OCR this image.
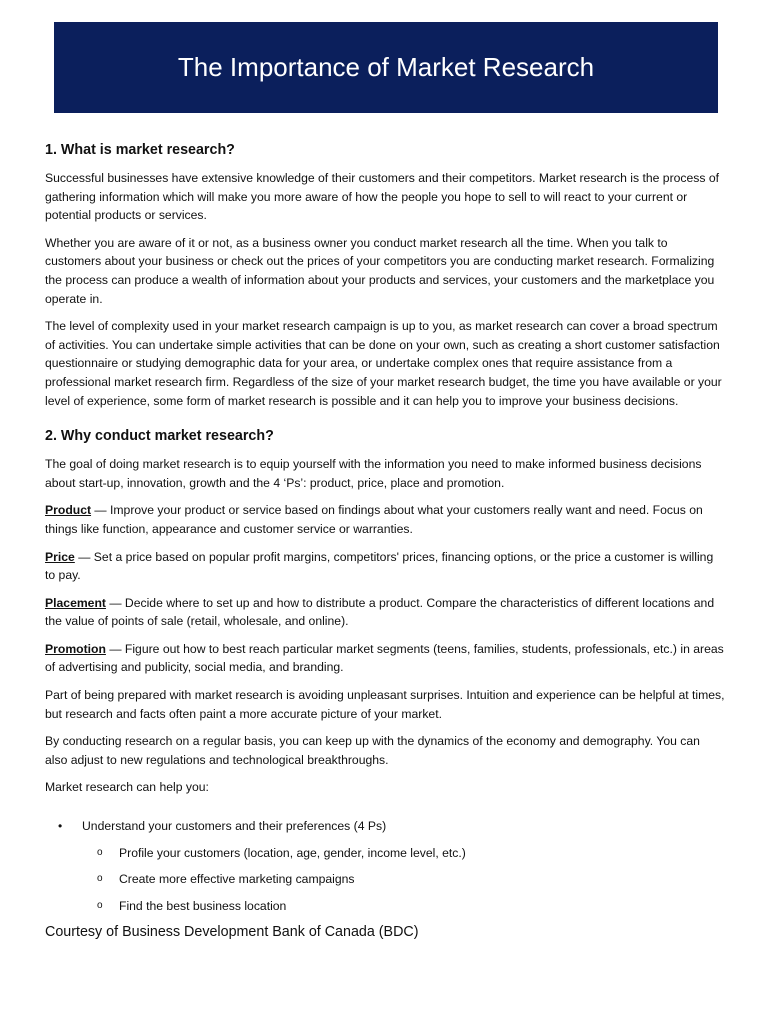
The Importance of Market Research
1. What is market research?

Successful businesses have extensive knowledge of their customers and their competitors. Market research is the process of gathering information which will make you more aware of how the people you hope to sell to will react to your current or potential products or services.

Whether you are aware of it or not, as a business owner you conduct market research all the time. When you talk to customers about your business or check out the prices of your competitors you are conducting market research. Formalizing the process can produce a wealth of information about your products and services, your customers and the marketplace you operate in.

The level of complexity used in your market research campaign is up to you, as market research can cover a broad spectrum of activities. You can undertake simple activities that can be done on your own, such as creating a short customer satisfaction questionnaire or studying demographic data for your area, or undertake complex ones that require assistance from a professional market research firm. Regardless of the size of your market research budget, the time you have available or your level of experience, some form of market research is possible and it can help you to improve your business decisions.

2. Why conduct market research?

The goal of doing market research is to equip yourself with the information you need to make informed business decisions about start-up, innovation, growth and the 4 ‘Ps’: product, price, place and promotion.

Product — Improve your product or service based on findings about what your customers really want and need. Focus on things like function, appearance and customer service or warranties.

Price — Set a price based on popular profit margins, competitors' prices, financing options, or the price a customer is willing to pay.

Placement — Decide where to set up and how to distribute a product. Compare the characteristics of different locations and the value of points of sale (retail, wholesale, and online).

Promotion — Figure out how to best reach particular market segments (teens, families, students, professionals, etc.) in areas of advertising and publicity, social media, and branding.

Part of being prepared with market research is avoiding unpleasant surprises. Intuition and experience can be helpful at times, but research and facts often paint a more accurate picture of your market.

By conducting research on a regular basis, you can keep up with the dynamics of the economy and demography. You can also adjust to new regulations and technological breakthroughs.

Market research can help you:

• Understand your customers and their preferences (4 Ps)
o Profile your customers (location, age, gender, income level, etc.)
o Create more effective marketing campaigns
o Find the best business location
Courtesy of Business Development Bank of Canada (BDC)
